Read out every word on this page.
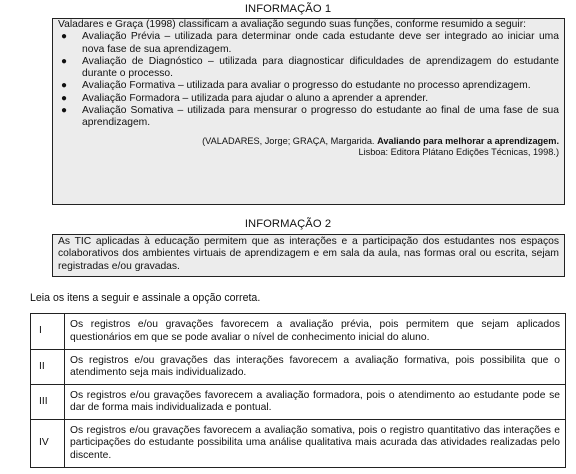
INFORMAÇÃO 1

Valadares e Graça (1998) classificam a avaliação segundo suas funções, conforme resumido a seguir:

● Avaliação Prévia – utilizada para determinar onde cada estudante deve ser integrado ao iniciar uma nova fase de sua aprendizagem.
● Avaliação de Diagnóstico – utilizada para diagnosticar dificuldades de aprendizagem do estudante durante o processo.
● Avaliação Formativa – utilizada para avaliar o progresso do estudante no processo aprendizagem.
● Avaliação Formadora – utilizada para ajudar o aluno a aprender a aprender.
● Avaliação Somativa – utilizada para mensurar o progresso do estudante ao final de uma fase de sua aprendizagem.
(VALADARES, Jorge; GRAÇA, Margarida. Avaliando para melhorar a aprendizagem.
Lisboa: Editora Plátano Edições Técnicas, 1998.)
INFORMAÇÃO 2
As TIC aplicadas à educação permitem que as interações e a participação dos estudantes nos espaços colaborativos dos ambientes virtuais de aprendizagem e em sala da aula, nas formas oral ou escrita, sejam registradas e/ou gravadas.
Leia os itens a seguir e assinale a opção correta.
I	Os registros e/ou gravações favorecem a avaliação prévia, pois permitem que sejam aplicados questionários em que se pode avaliar o nível de conhecimento inicial do aluno.
II	Os registros e/ou gravações das interações favorecem a avaliação formativa, pois possibilita que o atendimento seja mais individualizado.
III	Os registros e/ou gravações favorecem a avaliação formadora, pois o atendimento ao estudante pode se dar de forma mais individualizada e pontual.
IV	Os registros e/ou gravações favorecem a avaliação somativa, pois o registro quantitativo das interações e participações do estudante possibilita uma análise qualitativa mais acurada das atividades realizadas pelo discente.
